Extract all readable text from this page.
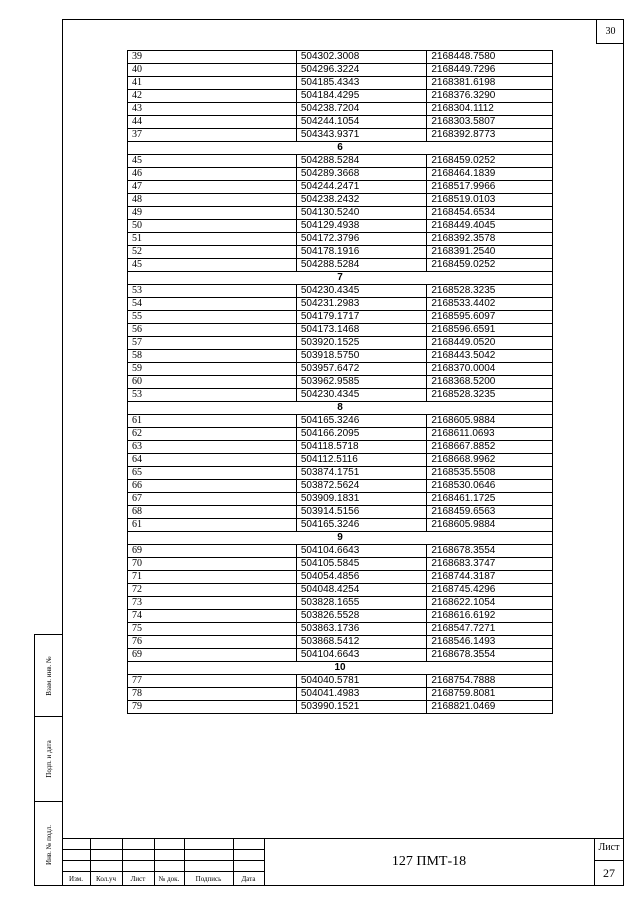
30
Взам. инв. №
Подп. и дата
Инв. № подл.
39	504302.3008	2168448.7580
40	504296.3224	2168449.7296
41	504185.4343	2168381.6198
42	504184.4295	2168376.3290
43	504238.7204	2168304.1112
44	504244.1054	2168303.5807
37	504343.9371	2168392.8773
6		
45	504288.5284	2168459.0252
46	504289.3668	2168464.1839
47	504244.2471	2168517.9966
48	504238.2432	2168519.0103
49	504130.5240	2168454.6534
50	504129.4938	2168449.4045
51	504172.3796	2168392.3578
52	504178.1916	2168391.2540
45	504288.5284	2168459.0252
7		
53	504230.4345	2168528.3235
54	504231.2983	2168533.4402
55	504179.1717	2168595.6097
56	504173.1468	2168596.6591
57	503920.1525	2168449.0520
58	503918.5750	2168443.5042
59	503957.6472	2168370.0004
60	503962.9585	2168368.5200
53	504230.4345	2168528.3235
8		
61	504165.3246	2168605.9884
62	504166.2095	2168611.0693
63	504118.5718	2168667.8852
64	504112.5116	2168668.9962
65	503874.1751	2168535.5508
66	503872.5624	2168530.0646
67	503909.1831	2168461.1725
68	503914.5156	2168459.6563
61	504165.3246	2168605.9884
9		
69	504104.6643	2168678.3554
70	504105.5845	2168683.3747
71	504054.4856	2168744.3187
72	504048.4254	2168745.4296
73	503828.1655	2168622.1054
74	503826.5528	2168616.6192
75	503863.1736	2168547.7271
76	503868.5412	2168546.1493
69	504104.6643	2168678.3554
10		
77	504040.5781	2168754.7888
78	504041.4983	2168759.8081
79	503990.1521	2168821.0469
Изм.	Кол.уч	Лист	№ док.	Подпись	Дата
127 ПМТ-18
Лист
27
